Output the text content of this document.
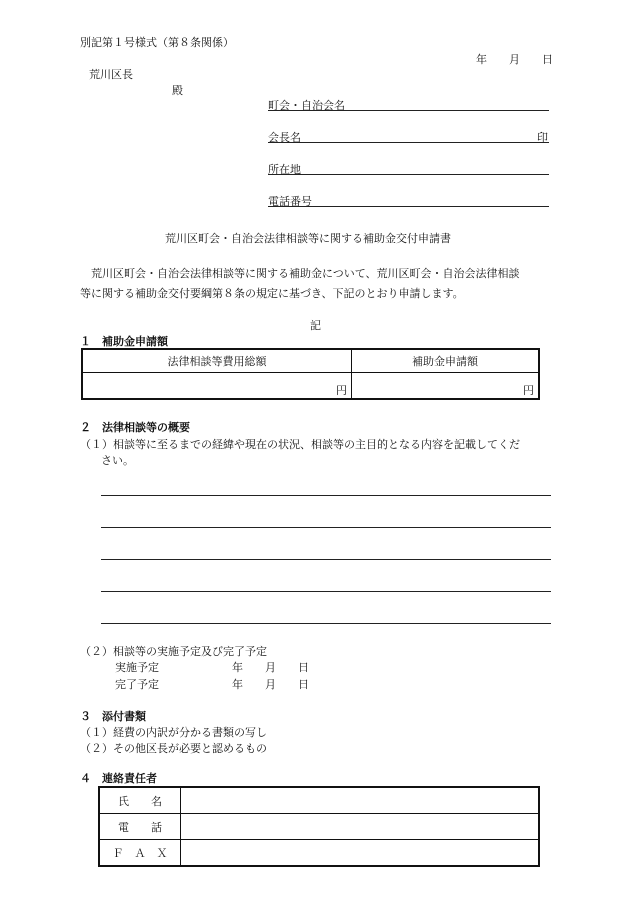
別記第１号様式（第８条関係）
年　　月　　日
荒川区長
殿
町会・自治会名
会長名	印
所在地
電話番号
荒川区町会・自治会法律相談等に関する補助金交付申請書
荒川区町会・自治会法律相談等に関する補助金について、荒川区町会・自治会法律相談
等に関する補助金交付要綱第８条の規定に基づき、下記のとおり申請します。
記
１　補助金申請額
法律相談等費用総額	補助金申請額
円	円
２　法律相談等の概要
（１）相談等に至るまでの経緯や現在の状況、相談等の主目的となる内容を記載してくだ
さい。
（２）相談等の実施予定及び完了予定
実施予定	年　　月　　日
完了予定	年　　月　　日
３　添付書類
（１）経費の内訳が分かる書類の写し
（２）その他区長が必要と認めるもの
４　連絡責任者
氏　　名	
電　　話	
Ｆ　Ａ　Ｘ	
